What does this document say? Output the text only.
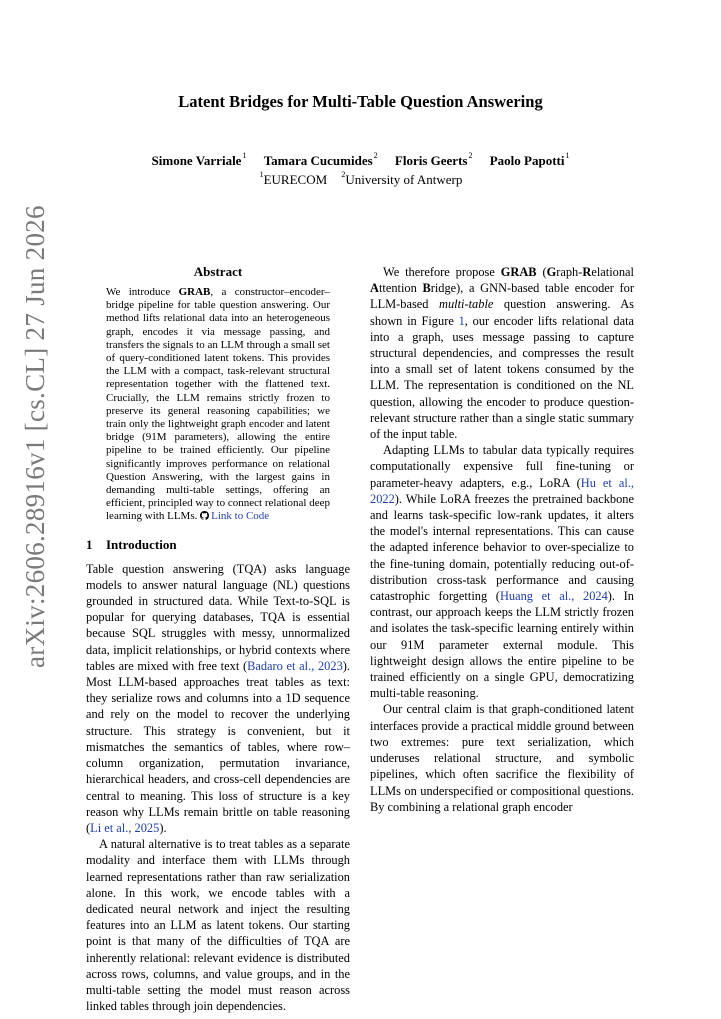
arXiv:2606.28916v1 [cs.CL] 27 Jun 2026
Latent Bridges for Multi-Table Question Answering
Simone Varriale$^1$ Tamara Cucumides$^2$ Floris Geerts$^2$ Paolo Papotti$^1$
$^1$EURECOM $^2$University of Antwerp
Abstract

We introduce GRAB, a constructor–encoder–bridge pipeline for table question answering. Our method lifts relational data into an heterogeneous graph, encodes it via message passing, and transfers the signals to an LLM through a small set of query-conditioned latent tokens. This provides the LLM with a compact, task-relevant structural representation together with the flattened text. Crucially, the LLM remains strictly frozen to preserve its general reasoning capabilities; we train only the lightweight graph encoder and latent bridge (91M parameters), allowing the entire pipeline to be trained efficiently. Our pipeline significantly improves performance on relational Question Answering, with the largest gains in demanding multi-table settings, offering an efficient, principled way to connect relational deep learning with LLMs. Link to Code

1 Introduction

Table question answering (TQA) asks language models to answer natural language (NL) questions grounded in structured data. While Text-to-SQL is popular for querying databases, TQA is essential because SQL struggles with messy, unnormalized data, implicit relationships, or hybrid contexts where tables are mixed with free text (Badaro et al., 2023). Most LLM-based approaches treat tables as text: they serialize rows and columns into a 1D sequence and rely on the model to recover the underlying structure. This strategy is convenient, but it mismatches the semantics of tables, where row–column organization, permutation invariance, hierarchical headers, and cross-cell dependencies are central to meaning. This loss of structure is a key reason why LLMs remain brittle on table reasoning (Li et al., 2025).

A natural alternative is to treat tables as a separate modality and interface them with LLMs through learned representations rather than raw serialization alone. In this work, we encode tables with a dedicated neural network and inject the resulting features into an LLM as latent tokens. Our starting point is that many of the difficulties of TQA are inherently relational: relevant evidence is distributed across rows, columns, and value groups, and in the multi-table setting the model must reason across linked tables through join dependencies.

We therefore propose GRAB (Graph-Relational Attention Bridge), a GNN-based table encoder for LLM-based multi-table question answering. As shown in Figure 1, our encoder lifts relational data into a graph, uses message passing to capture structural dependencies, and compresses the result into a small set of latent tokens consumed by the LLM. The representation is conditioned on the NL question, allowing the encoder to produce question-relevant structure rather than a single static summary of the input table.

Adapting LLMs to tabular data typically requires computationally expensive full fine-tuning or parameter-heavy adapters, e.g., LoRA (Hu et al., 2022). While LoRA freezes the pretrained backbone and learns task-specific low-rank updates, it alters the model's internal representations. This can cause the adapted inference behavior to over-specialize to the fine-tuning domain, potentially reducing out-of-distribution cross-task performance and causing catastrophic forgetting (Huang et al., 2024). In contrast, our approach keeps the LLM strictly frozen and isolates the task-specific learning entirely within our 91M parameter external module. This lightweight design allows the entire pipeline to be trained efficiently on a single GPU, democratizing multi-table reasoning.

Our central claim is that graph-conditioned latent interfaces provide a practical middle ground between two extremes: pure text serialization, which underuses relational structure, and symbolic pipelines, which often sacrifice the flexibility of LLMs on underspecified or compositional questions. By combining a relational graph encoder
